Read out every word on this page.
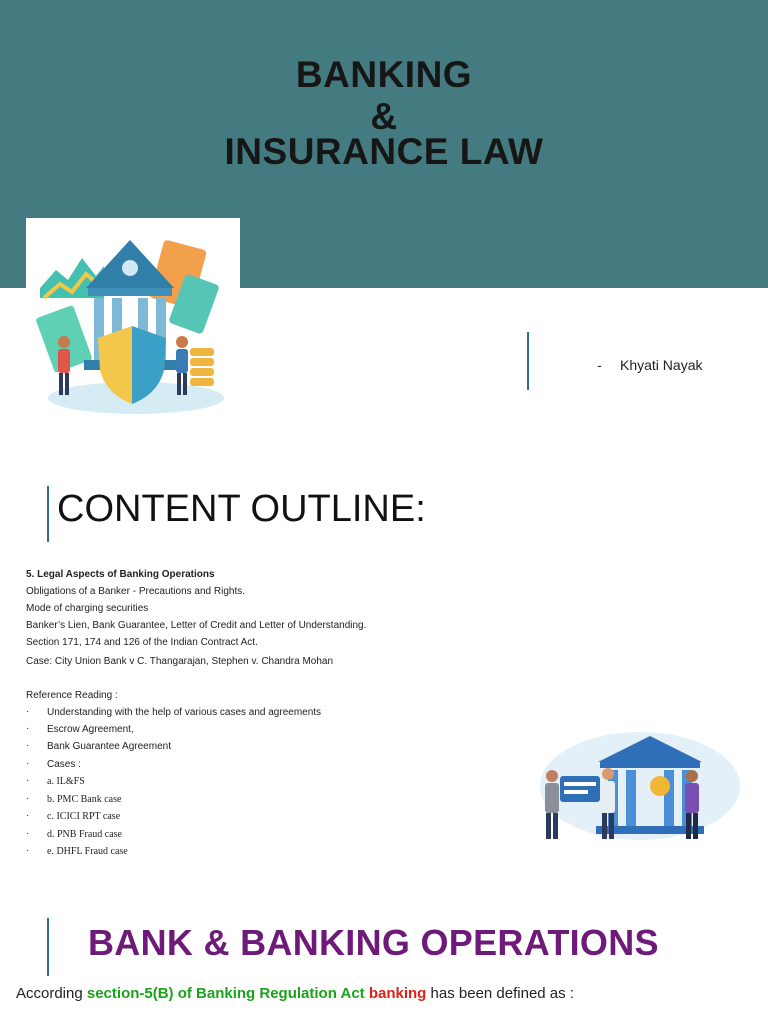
BANKING
&
INSURANCE LAW
- Khyati Nayak
CONTENT OUTLINE:
5. Legal Aspects of Banking Operations
Obligations of a Banker - Precautions and Rights.
Mode of charging securities
Banker’s Lien, Bank Guarantee, Letter of Credit and Letter of Understanding.
Section 171, 174 and 126 of the Indian Contract Act.
Case: City Union Bank v C. Thangarajan, Stephen v. Chandra Mohan
Reference Reading :
· Understanding with the help of various cases and agreements
· Escrow Agreement,
· Bank Guarantee Agreement
· Cases :
· a. IL&FS
· b. PMC Bank case
· c. ICICI RPT case
· d. PNB Fraud case
· e. DHFL Fraud case
BANK & BANKING OPERATIONS
According section-5(B) of Banking Regulation Act banking has been defined as :
